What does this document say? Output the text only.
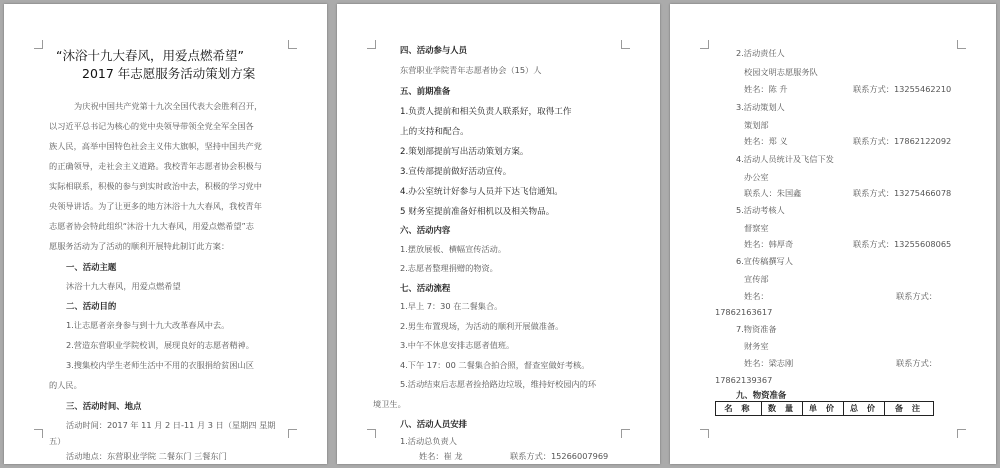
“沐浴十九大春风，用爱点燃希望”
2017 年志愿服务活动策划方案
为庆祝中国共产党第十九次全国代表大会胜利召开，
以习近平总书记为核心的党中央领导带领全党全军全国各
族人民，高举中国特色社会主义伟大旗帜，坚持中国共产党
的正确领导，走社会主义道路。我校青年志愿者协会积极与
实际相联系，积极的参与到实时政治中去，积极的学习党中
央领导讲话。为了让更多的地方沐浴十九大春风，我校青年
志愿者协会特此组织“沐浴十九大春风，用爱点燃希望”志
愿服务活动为了活动的顺利开展特此制订此方案：
一、活动主题
沐浴十九大春风，用爱点燃希望
二、活动目的
1.让志愿者亲身参与到十九大改革春风中去。
2.营造东营职业学院校训，展现良好的志愿者精神。
3.搜集校内学生老师生活中不用的衣服捐给贫困山区
的人民。
三、活动时间、地点
活动时间：2017 年 11 月 2 日-11 月 3 日（星期四 星期
五）
活动地点：东营职业学院 二餐东门 三餐东门
四、活动参与人员
东营职业学院青年志愿者协会（15）人
五、前期准备
1.负责人提前和相关负责人联系好，取得工作
上的支持和配合。
2.策划部提前写出活动策划方案。
3.宣传部提前做好活动宣传。
4.办公室统计好参与人员并下达飞信通知。
5 财务室提前准备好相机以及相关物品。
六、活动内容
1.摆放展板、横幅宣传活动。
2.志愿者整理捐赠的物资。
七、活动流程
1.早上 7：30 在二餐集合。
2.男生布置现场，为活动的顺利开展做准备。
3.中午不休息安排志愿者值班。
4.下午 17：00 二餐集合拍合照，督查室做好考核。
5.活动结束后志愿者捡拾路边垃圾，维持好校园内的环
境卫生。
八、活动人员安排
1.活动总负责人
姓名：崔 龙	联系方式：15266007969
2.活动责任人
校园文明志愿服务队
姓名：陈 升	联系方式：13255462210
3.活动策划人
策划部
姓名：郑 义	联系方式：17862122092
4.活动人员统计及飞信下发
办公室
联系人：朱国鑫	联系方式：13275466078
5.活动考核人
督察室
姓名：韩厚奇	联系方式：13255608065
6.宣传稿撰写人
宣传部
姓名：	联系方式：
17862163617
7.物资准备
财务室
姓名：梁志刚	联系方式：
17862139367
九、物资准备
名 称	数 量	单 价	总 价	备 注
